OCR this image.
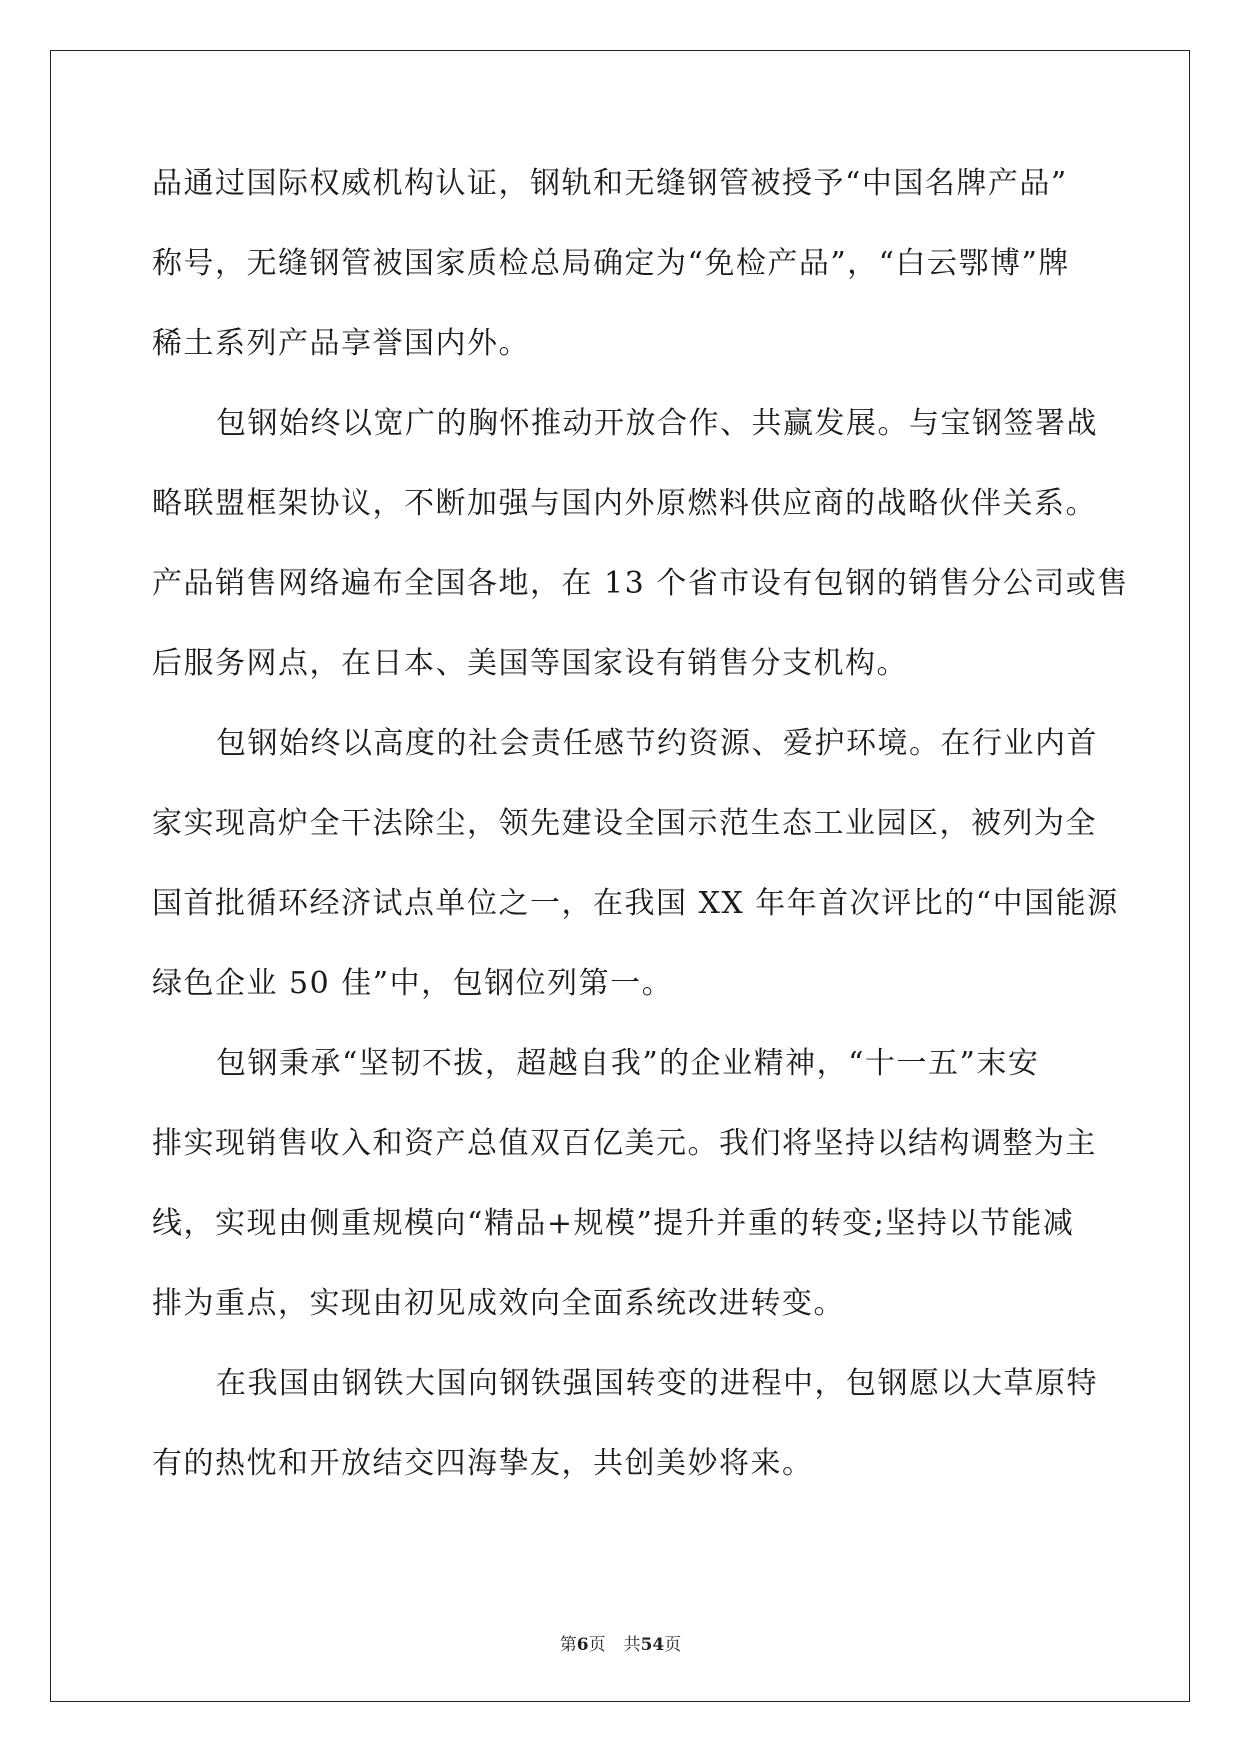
品通过国际权威机构认证，钢轨和无缝钢管被授予“中国名牌产品”
称号，无缝钢管被国家质检总局确定为“免检产品”，“白云鄂博”牌
稀土系列产品享誉国内外。
包钢始终以宽广的胸怀推动开放合作、共赢发展。与宝钢签署战
略联盟框架协议，不断加强与国内外原燃料供应商的战略伙伴关系。
产品销售网络遍布全国各地，在 13 个省市设有包钢的销售分公司或售
后服务网点，在日本、美国等国家设有销售分支机构。
包钢始终以高度的社会责任感节约资源、爱护环境。在行业内首
家实现高炉全干法除尘，领先建设全国示范生态工业园区，被列为全
国首批循环经济试点单位之一，在我国 XX 年年首次评比的“中国能源
绿色企业 50 佳”中，包钢位列第一。
包钢秉承“坚韧不拔，超越自我”的企业精神，“十一五”末安
排实现销售收入和资产总值双百亿美元。我们将坚持以结构调整为主
线，实现由侧重规模向“精品+规模”提升并重的转变;坚持以节能减
排为重点，实现由初见成效向全面系统改进转变。
在我国由钢铁大国向钢铁强国转变的进程中，包钢愿以大草原特
有的热忱和开放结交四海挚友，共创美妙将来。
第6页 共54页
